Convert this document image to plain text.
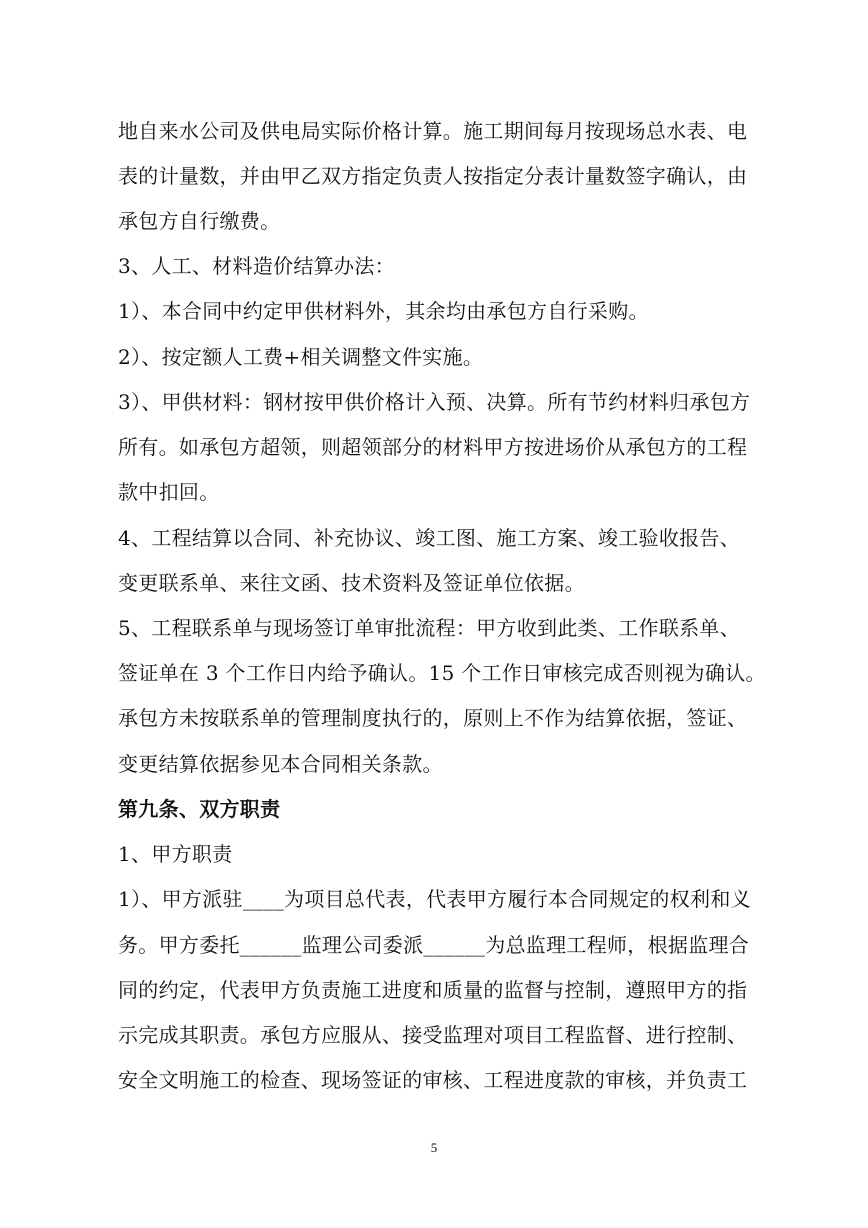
地自来水公司及供电局实际价格计算。施工期间每月按现场总水表、电
表的计量数，并由甲乙双方指定负责人按指定分表计量数签字确认，由
承包方自行缴费。
3、人工、材料造价结算办法：
1）、本合同中约定甲供材料外，其余均由承包方自行采购。
2）、按定额人工费+相关调整文件实施。
3）、甲供材料：钢材按甲供价格计入预、决算。所有节约材料归承包方
所有。如承包方超领，则超领部分的材料甲方按进场价从承包方的工程
款中扣回。
4、工程结算以合同、补充协议、竣工图、施工方案、竣工验收报告、
变更联系单、来往文函、技术资料及签证单位依据。
5、工程联系单与现场签订单审批流程：甲方收到此类、工作联系单、
签证单在 3 个工作日内给予确认。15 个工作日审核完成否则视为确认。
承包方未按联系单的管理制度执行的，原则上不作为结算依据，签证、
变更结算依据参见本合同相关条款。
第九条、双方职责
1、甲方职责
1）、甲方派驻____为项目总代表，代表甲方履行本合同规定的权利和义
务。甲方委托______监理公司委派______为总监理工程师，根据监理合
同的约定，代表甲方负责施工进度和质量的监督与控制，遵照甲方的指
示完成其职责。承包方应服从、接受监理对项目工程监督、进行控制、
安全文明施工的检查、现场签证的审核、工程进度款的审核，并负责工
5
